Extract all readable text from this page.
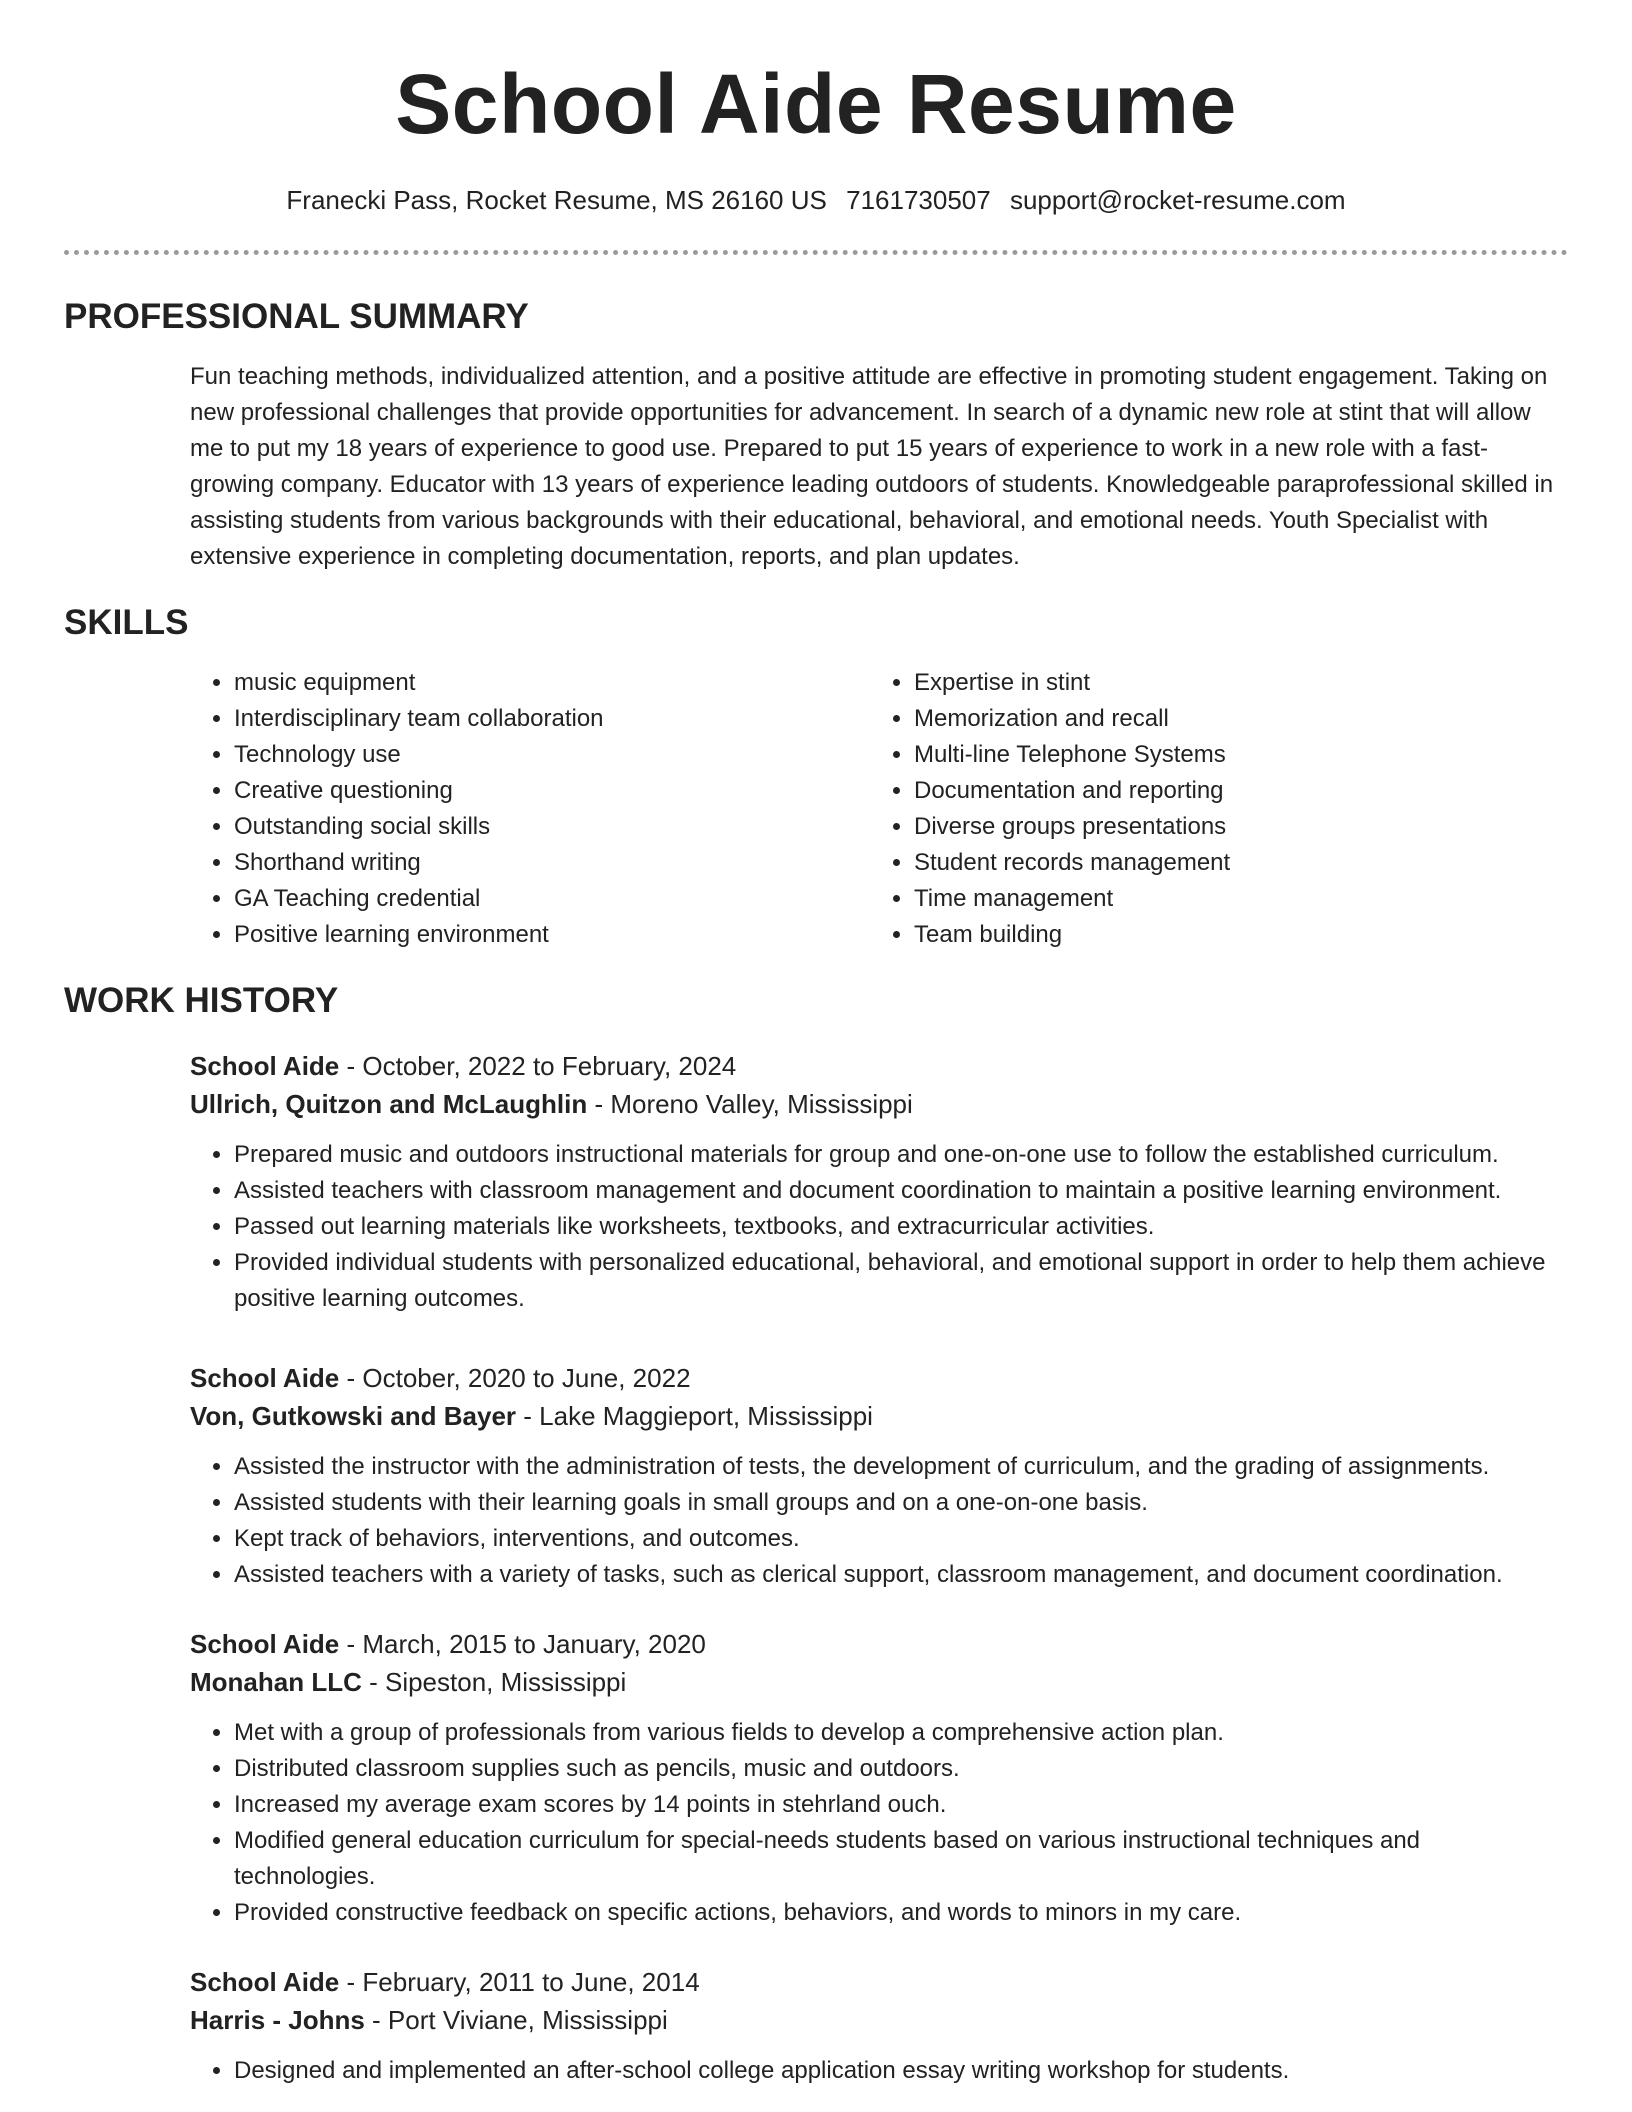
School Aide Resume
Franecki Pass, Rocket Resume, MS 26160 US 7161730507 support@rocket-resume.com
PROFESSIONAL SUMMARY

Fun teaching methods, individualized attention, and a positive attitude are effective in promoting student engagement. Taking on new professional challenges that provide opportunities for advancement. In search of a dynamic new role at stint that will allow me to put my 18 years of experience to good use. Prepared to put 15 years of experience to work in a new role with a fast-growing company. Educator with 13 years of experience leading outdoors of students. Knowledgeable paraprofessional skilled in assisting students from various backgrounds with their educational, behavioral, and emotional needs. Youth Specialist with extensive experience in completing documentation, reports, and plan updates.

SKILLS
• music equipment
• Interdisciplinary team collaboration
• Technology use
• Creative questioning
• Outstanding social skills
• Shorthand writing
• GA Teaching credential
• Positive learning environment
• Expertise in stint
• Memorization and recall
• Multi-line Telephone Systems
• Documentation and reporting
• Diverse groups presentations
• Student records management
• Time management
• Team building
WORK HISTORY
School Aide - October, 2022 to February, 2024
Ullrich, Quitzon and McLaughlin - Moreno Valley, Mississippi
• Prepared music and outdoors instructional materials for group and one-on-one use to follow the established curriculum.
• Assisted teachers with classroom management and document coordination to maintain a positive learning environment.
• Passed out learning materials like worksheets, textbooks, and extracurricular activities.
• Provided individual students with personalized educational, behavioral, and emotional support in order to help them achieve positive learning outcomes.
School Aide - October, 2020 to June, 2022
Von, Gutkowski and Bayer - Lake Maggieport, Mississippi
• Assisted the instructor with the administration of tests, the development of curriculum, and the grading of assignments.
• Assisted students with their learning goals in small groups and on a one-on-one basis.
• Kept track of behaviors, interventions, and outcomes.
• Assisted teachers with a variety of tasks, such as clerical support, classroom management, and document coordination.
School Aide - March, 2015 to January, 2020
Monahan LLC - Sipeston, Mississippi
• Met with a group of professionals from various fields to develop a comprehensive action plan.
• Distributed classroom supplies such as pencils, music and outdoors.
• Increased my average exam scores by 14 points in stehrland ouch.
• Modified general education curriculum for special-needs students based on various instructional techniques and technologies.
• Provided constructive feedback on specific actions, behaviors, and words to minors in my care.
School Aide - February, 2011 to June, 2014
Harris - Johns - Port Viviane, Mississippi
• Designed and implemented an after-school college application essay writing workshop for students.
